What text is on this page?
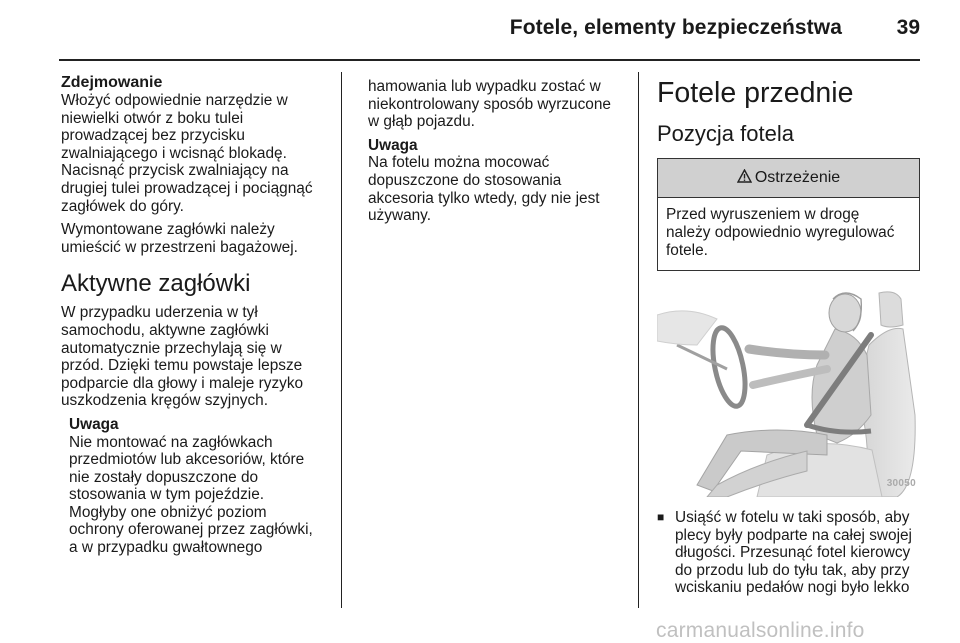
Fotele, elementy bezpieczeństwa	39

Zdejmowanie

Włożyć odpowiednie narzędzie w
niewielki otwór z boku tulei
prowadzącej bez przycisku
zwalniającego i wcisnąć blokadę.
Nacisnąć przycisk zwalniający na
drugiej tulei prowadzącej i pociągnąć
zagłówek do góry.

Wymontowane zagłówki należy
umieścić w przestrzeni bagażowej.

Aktywne zagłówki

W przypadku uderzenia w tył
samochodu, aktywne zagłówki
automatycznie przechylają się w
przód. Dzięki temu powstaje lepsze
podparcie dla głowy i maleje ryzyko
uszkodzenia kręgów szyjnych.

Uwaga

Nie montować na zagłówkach
przedmiotów lub akcesoriów, które
nie zostały dopuszczone do
stosowania w tym pojeździe.
Mogłyby one obniżyć poziom
ochrony oferowanej przez zagłówki,
a w przypadku gwałtownego

hamowania lub wypadku zostać w
niekontrolowany sposób wyrzucone
w głąb pojazdu.

Uwaga

Na fotelu można mocować
dopuszczone do stosowania
akcesoria tylko wtedy, gdy nie jest
używany.

Fotele przednie

Pozycja fotela

Ostrzeżenie
Przed wyruszeniem w drogę
należy odpowiednio wyregulować
fotele.
30050
■ Usiąść w fotelu w taki sposób, aby
plecy były podparte na całej swojej
długości. Przesunąć fotel kierowcy
do przodu lub do tyłu tak, aby przy
wciskaniu pedałów nogi było lekko
carmanualsonline.info
